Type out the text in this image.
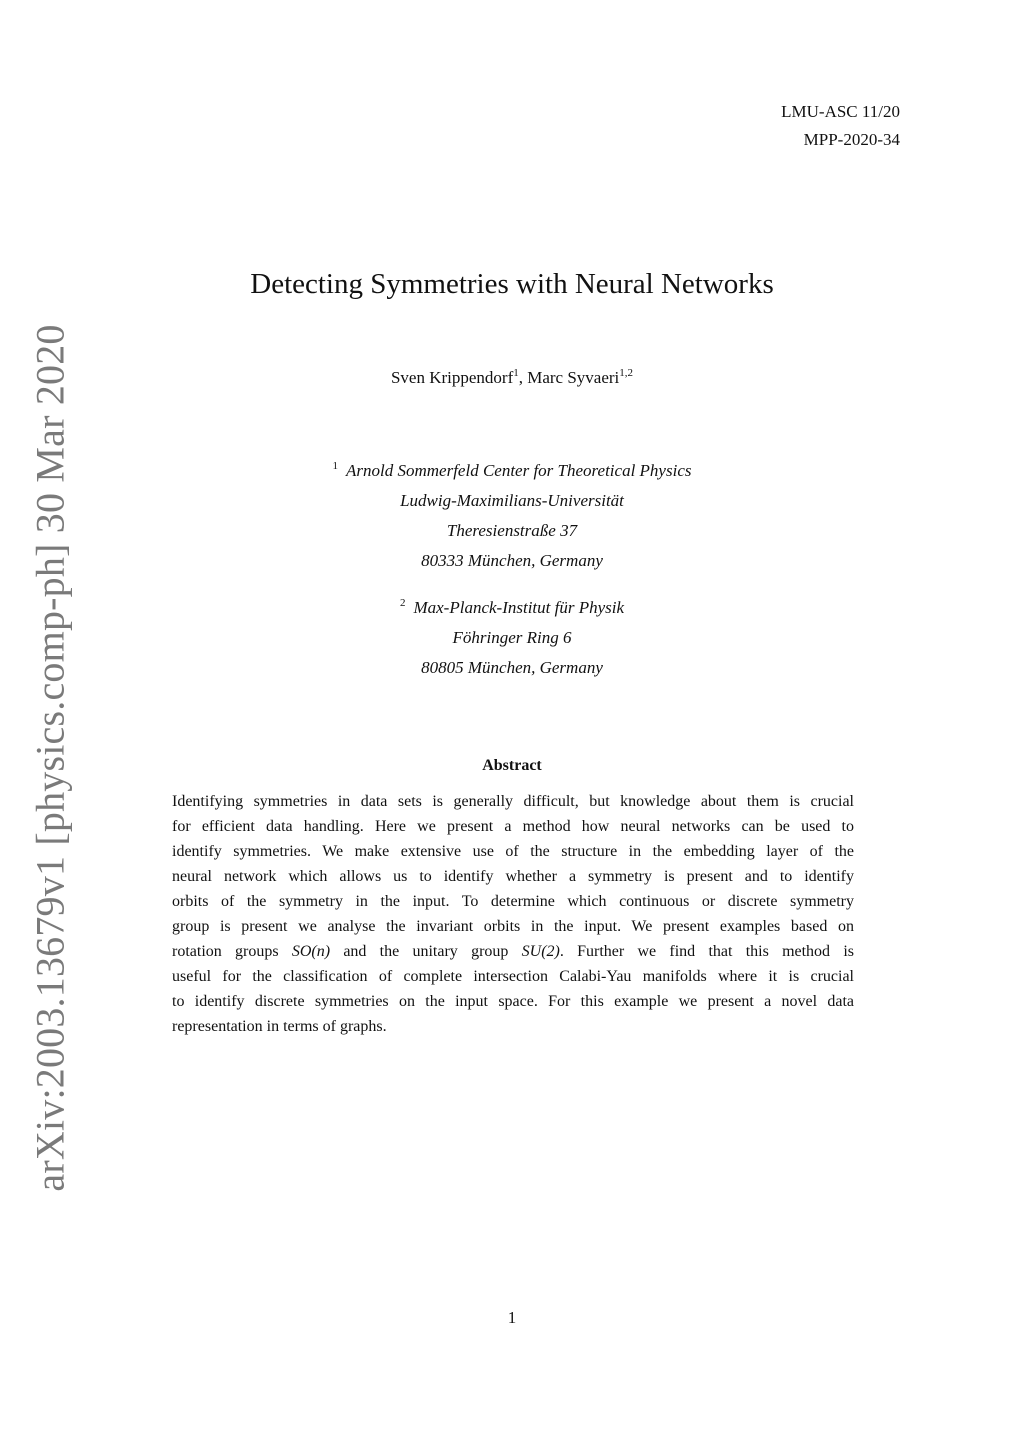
LMU-ASC 11/20
MPP-2020-34
arXiv:2003.13679v1 [physics.comp-ph] 30 Mar 2020
Detecting Symmetries with Neural Networks
Sven Krippendorf$^1$, Marc Syvaeri$^{1,2}$
$^1$ Arnold Sommerfeld Center for Theoretical Physics
Ludwig-Maximilians-Universität
Theresienstraße 37
80333 München, Germany
$^2$ Max-Planck-Institut für Physik
Föhringer Ring 6
80805 München, Germany
Abstract
Identifying symmetries in data sets is generally difficult, but knowledge about them is crucial
for efficient data handling. Here we present a method how neural networks can be used to
identify symmetries. We make extensive use of the structure in the embedding layer of the
neural network which allows us to identify whether a symmetry is present and to identify
orbits of the symmetry in the input. To determine which continuous or discrete symmetry
group is present we analyse the invariant orbits in the input. We present examples based on
rotation groups SO(n) and the unitary group SU(2). Further we find that this method is
useful for the classification of complete intersection Calabi-Yau manifolds where it is crucial
to identify discrete symmetries on the input space. For this example we present a novel data
representation in terms of graphs.
1
